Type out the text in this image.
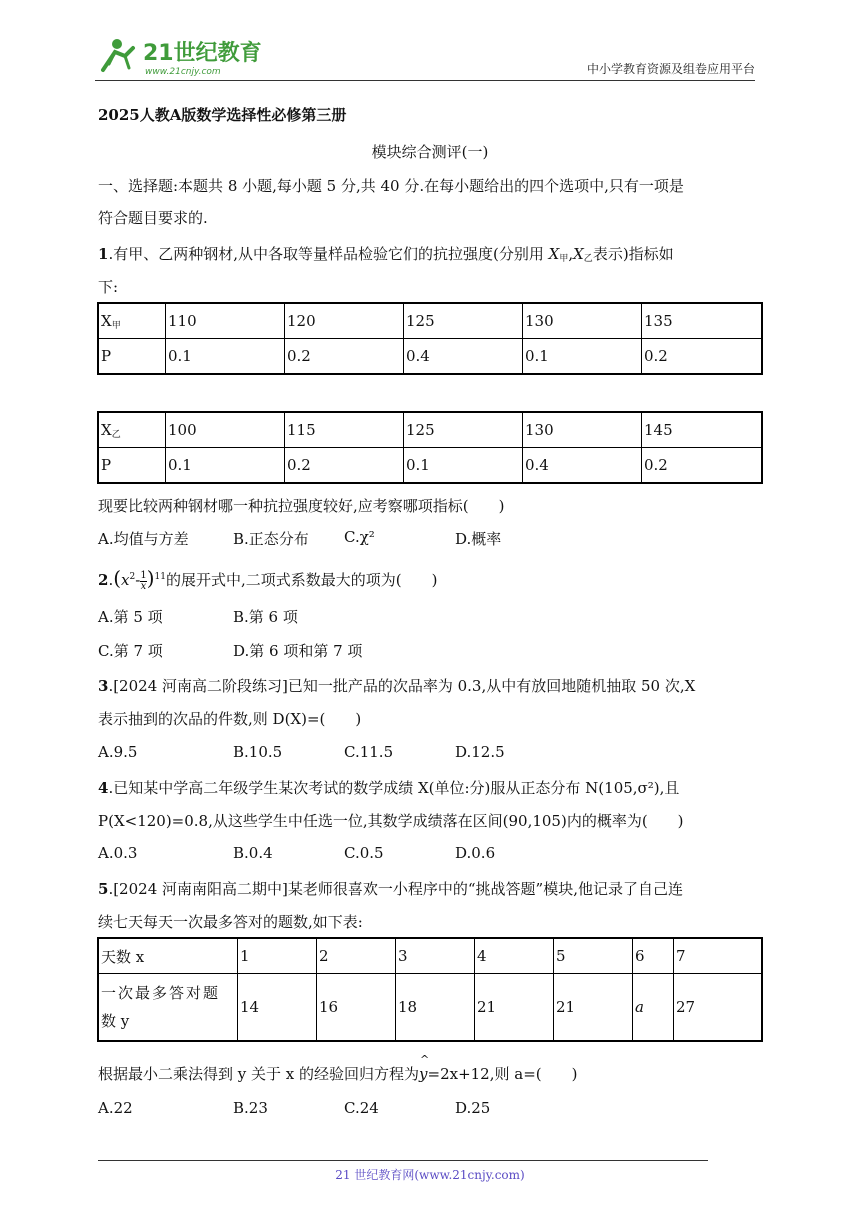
21世纪教育
www.21cnjy.com	中小学教育资源及组卷应用平台
2025人教A版数学选择性必修第三册
模块综合测评(一)
一、选择题:本题共 8 小题,每小题 5 分,共 40 分.在每小题给出的四个选项中,只有一项是
符合题目要求的.
1.有甲、乙两种钢材,从中各取等量样品检验它们的抗拉强度(分别用 $X_甲,X_乙$表示)指标如
下:
$X_甲$	110	120	125	130	135
P	0.1	0.2	0.4	0.1	0.2
$X_乙$	100	115	125	130	145
P	0.1	0.2	0.1	0.4	0.2
现要比较两种钢材哪一种抗拉强度较好,应考察哪项指标(　　)
A.均值与方差	B.正态分布 C.χ²	D.概率
$2.(x^2- \frac{1}{x} )^{11}$的展开式中,二项式系数最大的项为(　　)
A.第 5 项	B.第 6 项
C.第 7 项	D.第 6 项和第 7 项
3.[2024 河南高二阶段练习]已知一批产品的次品率为 0.3,从中有放回地随机抽取 50 次,X
表示抽到的次品的件数,则 D(X)=(　　)
A.9.5	B.10.5	C.11.5	D.12.5
4.已知某中学高二年级学生某次考试的数学成绩 X(单位:分)服从正态分布 N(105,σ²),且
P(X<120)=0.8,从这些学生中任选一位,其数学成绩落在区间(90,105)内的概率为(　　)
A.0.3	B.0.4	C.0.5	D.0.6
5.[2024 河南南阳高二期中]某老师很喜欢一小程序中的“挑战答题”模块,他记录了自己连
续七天每天一次最多答对的题数,如下表:
天数 x	1	2	3	4	5	6	7

一次最多答对题
数 y	14	16	18	21	21	a	27
根据最小二乘法得到 y 关于 x 的经验回归方程为
^
y=2x+12,则 a=(　　)
A.22	B.23	C.24	D.25
21 世纪教育网(www.21cnjy.com)
